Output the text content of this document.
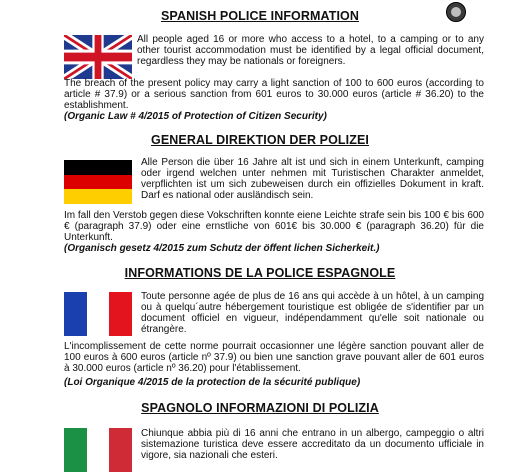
SPANISH POLICE INFORMATION
All people aged 16 or more who access to a hotel, to a camping or to any other tourist accommodation must be identified by a legal official document, regardless they may be nationals or foreigners.
The breach of the present policy may carry a light sanction of 100 to 600 euros (according to article # 37.9) or a serious sanction from 601 euros to 30.000 euros (article # 36.20) to the establishment.
(Organic Law # 4/2015 of Protection of Citizen Security)
GENERAL DIREKTION DER POLIZEI
Alle Person die über 16 Jahre alt ist und sich in einem Unterkunft, camping oder irgend welchen unter nehmen mit Turistischen Charakter anmeldet, verpflichten ist um sich zubeweisen durch ein offizielles Dokument in kraft. Darf es national oder ausländisch sein.
Im fall den Verstob gegen diese Vokschriften konnte eiene Leichte strafe sein bis 100 € bis 600 € (paragraph 37.9) oder eine ernstliche von 601€ bis 30.000 € (paragraph 36.20) für die Unterkunft.
(Organisch gesetz 4/2015 zum Schutz der öffent lichen Sicherkeit.)
INFORMATIONS DE LA POLICE ESPAGNOLE
Toute personne agée de plus de 16 ans qui accède à un hôtel, à un camping ou à quelqu´autre hébergement touristique est obligée de s'identifier par un document officiel en vigueur, indépendamment qu'elle soit nationale ou étrangère.
L'incomplissement de cette norme pourrait occasionner une légère sanction pouvant aller de 100 euros à 600 euros (article nº 37.9) ou bien une sanction grave pouvant aller de 601 euros à 30.000 euros (article nº 36.20) pour l'établissement.
(Loi Organique 4/2015 de la protection de la sécurité publique)
SPAGNOLO INFORMAZIONI DI POLIZIA
Chiunque abbia più di 16 anni che entrano in un albergo, campeggio o altri sistemazione turistica deve essere accreditato da un documento ufficiale in vigore, sia nazionali che esteri.
